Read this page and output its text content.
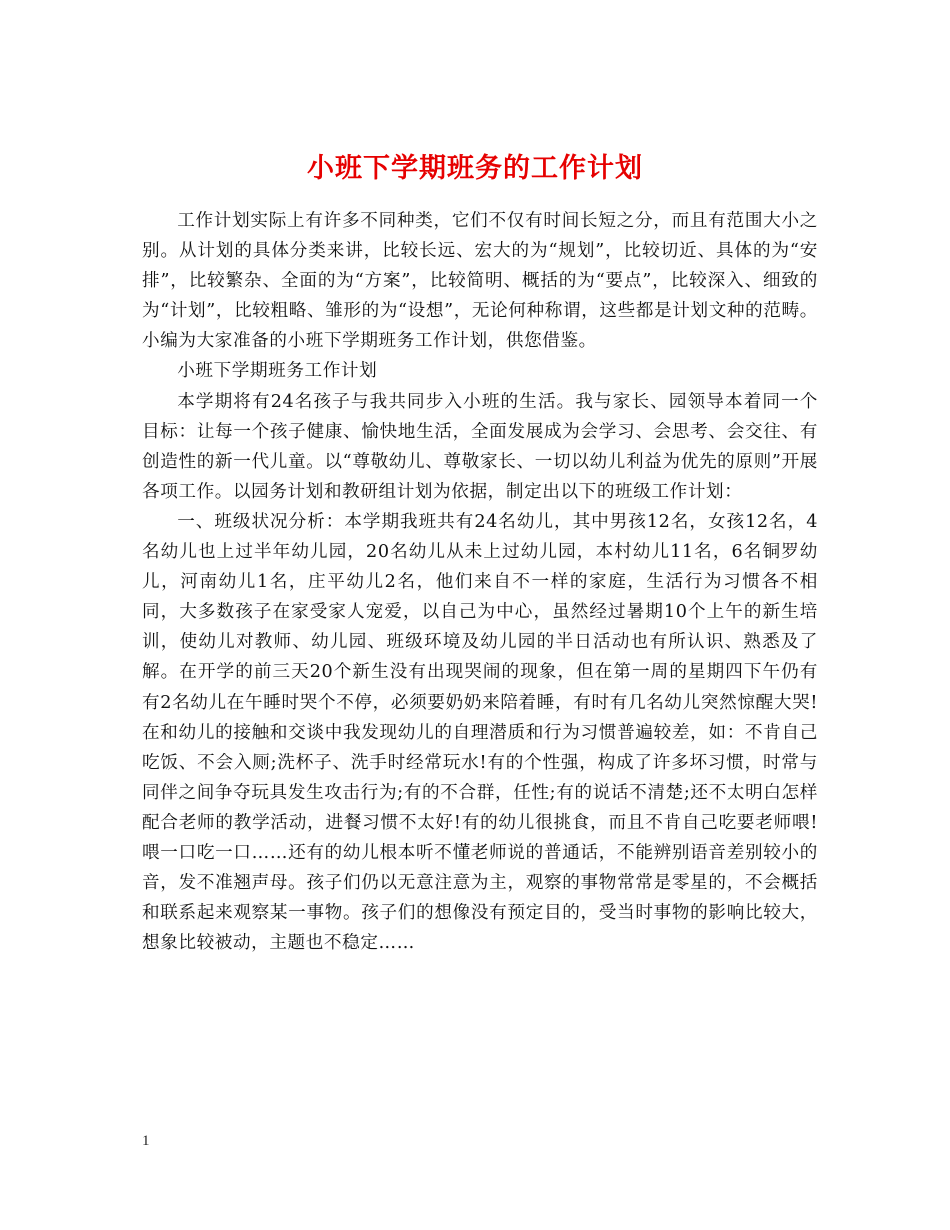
小班下学期班务的工作计划

工作计划实际上有许多不同种类，它们不仅有时间长短之分，而且有范围大小之别。从计划的具体分类来讲，比较长远、宏大的为“规划”，比较切近、具体的为“安排”，比较繁杂、全面的为“方案”，比较简明、概括的为“要点”，比较深入、细致的为“计划”，比较粗略、雏形的为“设想”，无论何种称谓，这些都是计划文种的范畴。小编为大家准备的小班下学期班务工作计划，供您借鉴。

小班下学期班务工作计划

本学期将有24名孩子与我共同步入小班的生活。我与家长、园领导本着同一个目标：让每一个孩子健康、愉快地生活，全面发展成为会学习、会思考、会交往、有创造性的新一代儿童。以“尊敬幼儿、尊敬家长、一切以幼儿利益为优先的原则”开展各项工作。以园务计划和教研组计划为依据，制定出以下的班级工作计划：

一、班级状况分析：本学期我班共有24名幼儿，其中男孩12名，女孩12名，4名幼儿也上过半年幼儿园，20名幼儿从未上过幼儿园，本村幼儿11名，6名铜罗幼儿，河南幼儿1名，庄平幼儿2名，他们来自不一样的家庭，生活行为习惯各不相同，大多数孩子在家受家人宠爱，以自己为中心，虽然经过暑期10个上午的新生培训，使幼儿对教师、幼儿园、班级环境及幼儿园的半日活动也有所认识、熟悉及了解。在开学的前三天20个新生没有出现哭闹的现象，但在第一周的星期四下午仍有有2名幼儿在午睡时哭个不停，必须要奶奶来陪着睡，有时有几名幼儿突然惊醒大哭!在和幼儿的接触和交谈中我发现幼儿的自理潜质和行为习惯普遍较差，如：不肯自己吃饭、不会入厕;洗杯子、洗手时经常玩水!有的个性强，构成了许多坏习惯，时常与同伴之间争夺玩具发生攻击行为;有的不合群，任性;有的说话不清楚;还不太明白怎样配合老师的教学活动，进餐习惯不太好!有的幼儿很挑食，而且不肯自己吃要老师喂!喂一口吃一口……还有的幼儿根本听不懂老师说的普通话，不能辨别语音差别较小的音，发不准翘声母。孩子们仍以无意注意为主，观察的事物常常是零星的，不会概括和联系起来观察某一事物。孩子们的想像没有预定目的，受当时事物的影响比较大，想象比较被动，主题也不稳定……

1
